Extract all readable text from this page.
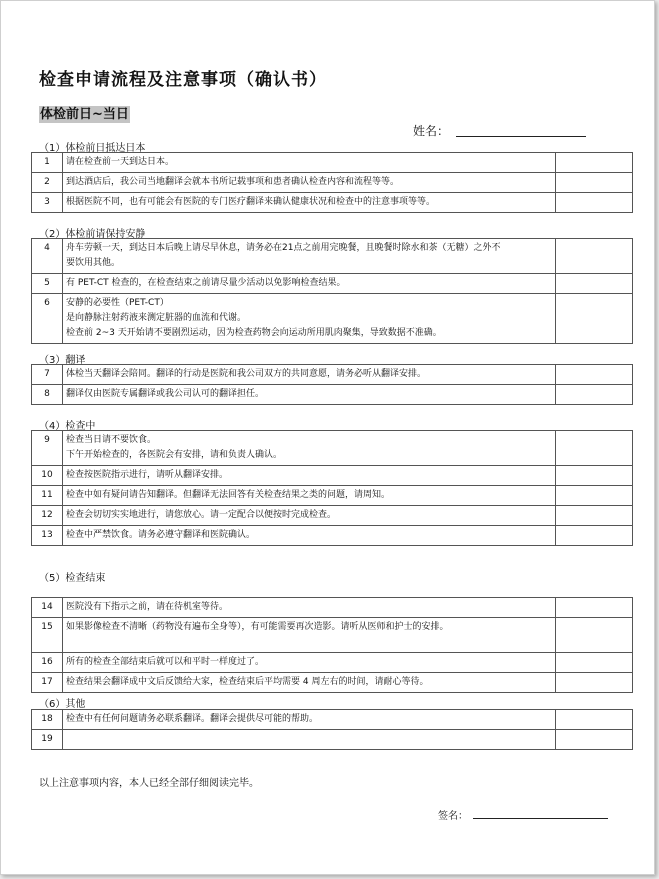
检查申请流程及注意事项（确认书）
体检前日~当日
姓名：
（1）体检前日抵达日本
1	请在检查前一天到达日本。	

2	到达酒店后，我公司当地翻译会就本书所记载事项和患者确认检查内容和流程等等。	

3	根据医院不同，也有可能会有医院的专门医疗翻译来确认健康状况和检查中的注意事项等等。	

（2）体检前请保持安静
4	舟车劳顿一天，到达日本后晚上请尽早休息，请务必在21点之前用完晚餐，且晚餐时除水和茶（无糖）之外不
要饮用其他。	

5	有 PET-CT 检查的，在检查结束之前请尽量少活动以免影响检查结果。	

6	安静的必要性（PET-CT）
是向静脉注射药液来测定脏器的血流和代谢。
检查前 2~3 天开始请不要剧烈运动，因为检查药物会向运动所用肌肉聚集，导致数据不准确。	

（3）翻译
7	体检当天翻译会陪同。翻译的行动是医院和我公司双方的共同意愿，请务必听从翻译安排。	

8	翻译仅由医院专属翻译或我公司认可的翻译担任。	

（4）检查中
9	检查当日请不要饮食。
下午开始检查的，各医院会有安排，请和负责人确认。	

10	检查按医院指示进行，请听从翻译安排。	

11	检查中如有疑问请告知翻译。但翻译无法回答有关检查结果之类的问题，请周知。	

12	检查会切切实实地进行，请您放心。请一定配合以便按时完成检查。	

13	检查中严禁饮食。请务必遵守翻译和医院确认。	

（5）检查结束
14	医院没有下指示之前，请在待机室等待。	

15	如果影像检查不清晰（药物没有遍布全身等），有可能需要再次造影。请听从医师和护士的安排。	

16	所有的检查全部结束后就可以和平时一样度过了。	

17	检查结果会翻译成中文后反馈给大家，检查结束后平均需要 4 周左右的时间，请耐心等待。	

（6）其他
18	检查中有任何问题请务必联系翻译。翻译会提供尽可能的帮助。	

19	

以上注意事项内容，本人已经全部仔细阅读完毕。
签名：
